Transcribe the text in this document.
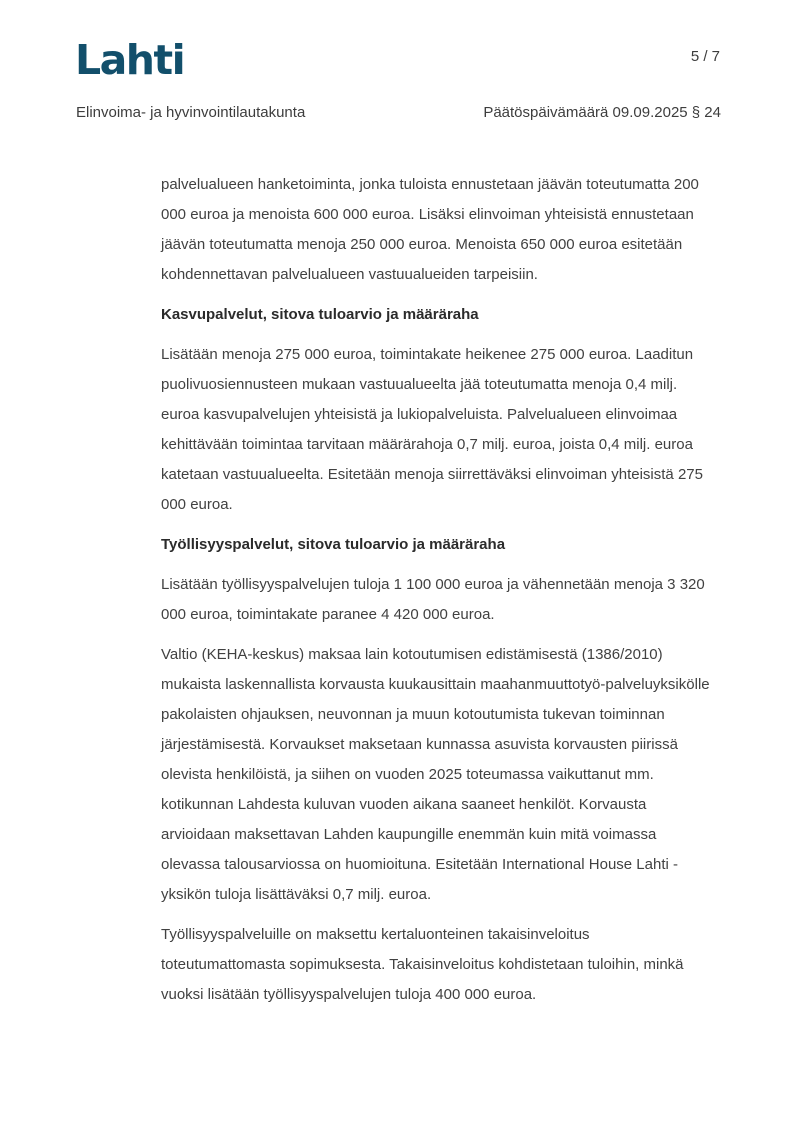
Lahti	5 / 7
Elinvoima- ja hyvinvointilautakunta	Päätöspäivämäärä 09.09.2025 § 24

palvelualueen hanketoiminta, jonka tuloista ennustetaan jäävän toteutumatta 200 000 euroa ja menoista 600 000 euroa. Lisäksi elinvoiman yhteisistä ennustetaan jäävän toteutumatta menoja 250 000 euroa. Menoista 650 000 euroa esitetään kohdennettavan palvelualueen vastuualueiden tarpeisiin.

Kasvupalvelut, sitova tuloarvio ja määräraha

Lisätään menoja 275 000 euroa, toimintakate heikenee 275 000 euroa. Laaditun puolivuosiennusteen mukaan vastuualueelta jää toteutumatta menoja 0,4 milj. euroa kasvupalvelujen yhteisistä ja lukiopalveluista. Palvelualueen elinvoimaa kehittävään toimintaa tarvitaan määrärahoja 0,7 milj. euroa, joista 0,4 milj. euroa katetaan vastuualueelta. Esitetään menoja siirrettäväksi elinvoiman yhteisistä 275 000 euroa.

Työllisyyspalvelut, sitova tuloarvio ja määräraha

Lisätään työllisyyspalvelujen tuloja 1 100 000 euroa ja vähennetään menoja 3 320 000 euroa, toimintakate paranee 4 420 000 euroa.

Valtio (KEHA-keskus) maksaa lain kotoutumisen edistämisestä (1386/2010) mukaista laskennallista korvausta kuukausittain maahanmuuttotyö-palveluyksikölle pakolaisten ohjauksen, neuvonnan ja muun kotoutumista tukevan toiminnan järjestämisestä. Korvaukset maksetaan kunnassa asuvista korvausten piirissä olevista henkilöistä, ja siihen on vuoden 2025 toteumassa vaikuttanut mm. kotikunnan Lahdesta kuluvan vuoden aikana saaneet henkilöt. Korvausta arvioidaan maksettavan Lahden kaupungille enemmän kuin mitä voimassa olevassa talousarviossa on huomioituna. Esitetään International House Lahti -yksikön tuloja lisättäväksi 0,7 milj. euroa.

Työllisyyspalveluille on maksettu kertaluonteinen takaisinveloitus toteutumattomasta sopimuksesta. Takaisinveloitus kohdistetaan tuloihin, minkä vuoksi lisätään työllisyyspalvelujen tuloja 400 000 euroa.
